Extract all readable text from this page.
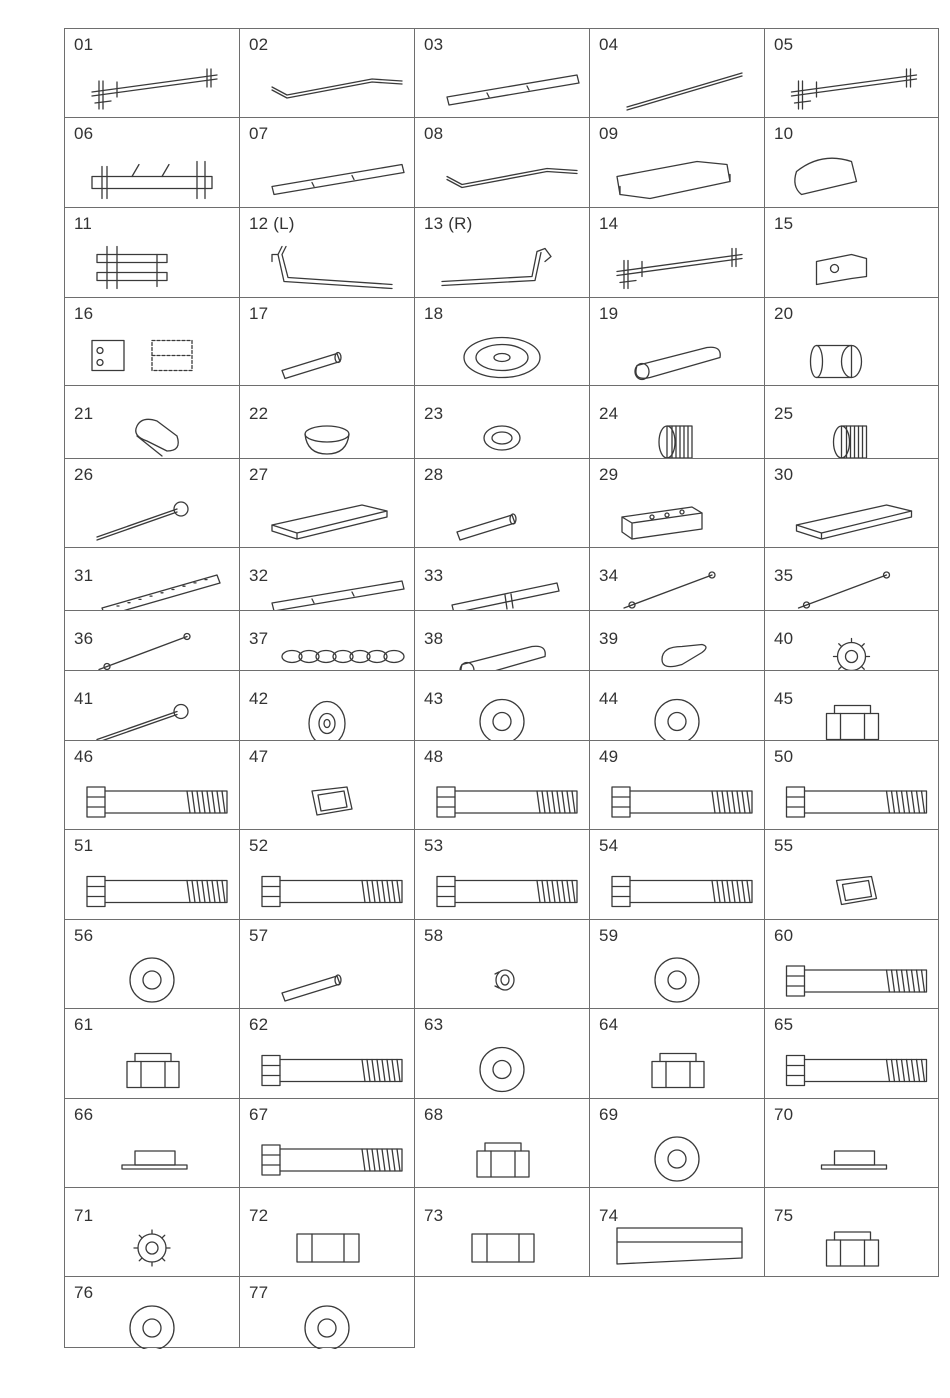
01	02	03	04	05
06	07	08	09	10
11	12 (L)	13 (R)	14	15
16	17	18	19	20
21	22	23	24	25
26	27	28	29	30
31	32	33	34	35
36	37	38	39	40
41	42	43	44	45
46	47	48	49	50
51	52	53	54	55
56	57	58	59	60
61	62	63	64	65
66	67	68	69	70
71	72	73	74	75
76	77
